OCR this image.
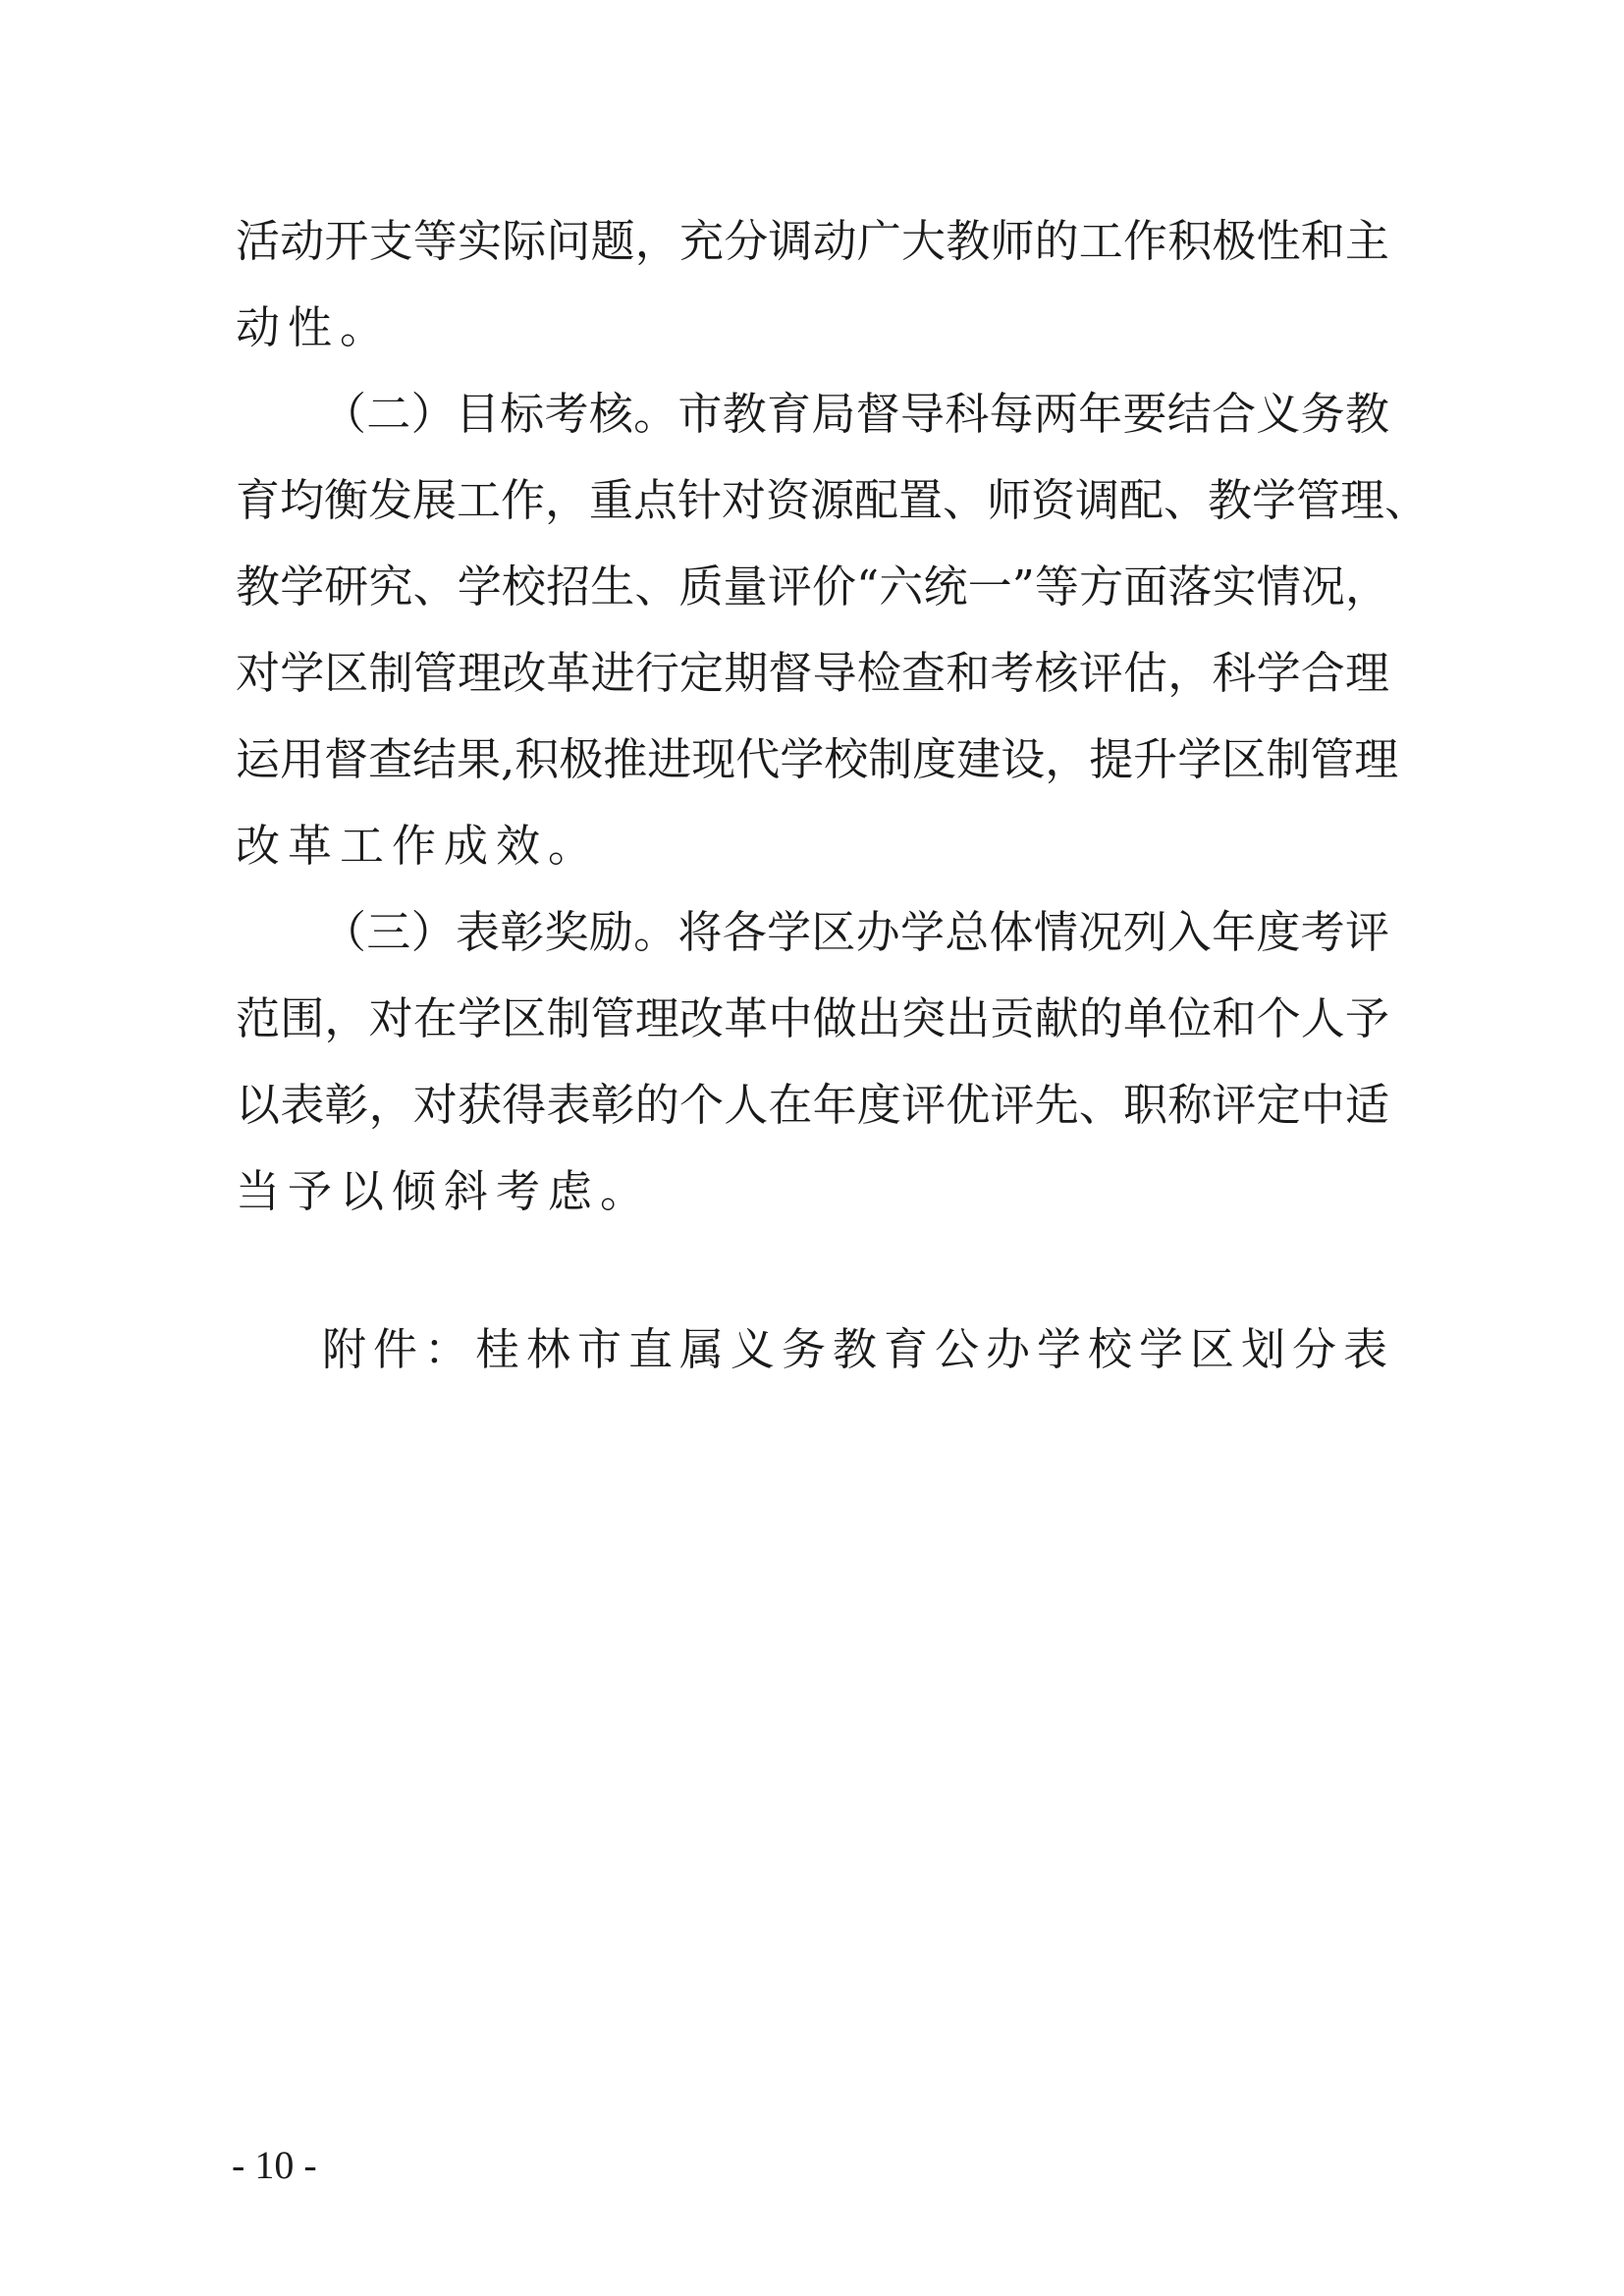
活动开支等实际问题，充分调动广大教师的工作积极性和主
动性。
（二）目标考核。市教育局督导科每两年要结合义务教
育均衡发展工作，重点针对资源配置、师资调配、教学管理、
教学研究、学校招生、质量评价“六统一”等方面落实情况，
对学区制管理改革进行定期督导检查和考核评估，科学合理
运用督查结果,积极推进现代学校制度建设，提升学区制管理
改革工作成效。
（三）表彰奖励。将各学区办学总体情况列入年度考评
范围，对在学区制管理改革中做出突出贡献的单位和个人予
以表彰，对获得表彰的个人在年度评优评先、职称评定中适
当予以倾斜考虑。
附件：桂林市直属义务教育公办学校学区划分表
- 10 -
